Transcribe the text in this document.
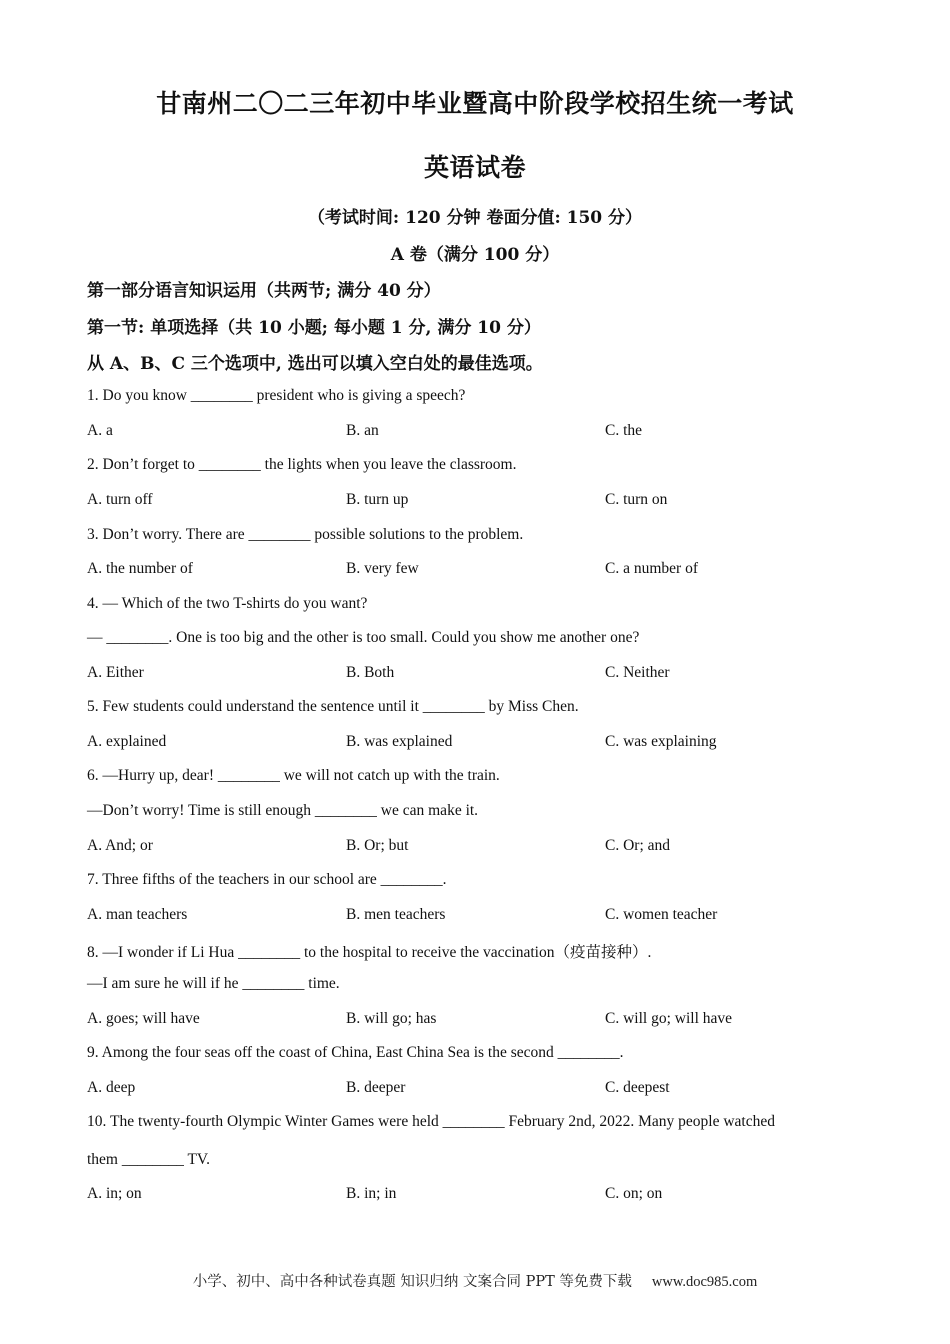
甘南州二〇二三年初中毕业暨高中阶段学校招生统一考试
英语试卷
（考试时间: 120 分钟 卷面分值: 150 分）
A 卷（满分 100 分）
第一部分语言知识运用（共两节; 满分 40 分）
第一节: 单项选择（共 10 小题; 每小题 1 分, 满分 10 分）
从 A、B、C 三个选项中, 选出可以填入空白处的最佳选项。
1. Do you know ________ president who is giving a speech?
A. a	B. an	C. the
2. Don’t forget to ________ the lights when you leave the classroom.
A. turn off	B. turn up	C. turn on
3. Don’t worry. There are ________ possible solutions to the problem.
A. the number of	B. very few	C. a number of
4. — Which of the two T-shirts do you want?
— ________. One is too big and the other is too small. Could you show me another one?
A. Either	B. Both	C. Neither
5. Few students could understand the sentence until it ________ by Miss Chen.
A. explained	B. was explained	C. was explaining
6. —Hurry up, dear! ________ we will not catch up with the train.
—Don’t worry! Time is still enough ________ we can make it.
A. And; or	B. Or; but	C. Or; and
7. Three fifths of the teachers in our school are ________.
A. man teachers	B. men teachers	C. women teacher
8. —I wonder if Li Hua ________ to the hospital to receive the vaccination（疫苗接种）.
—I am sure he will if he ________ time.
A. goes; will have	B. will go; has	C. will go; will have
9. Among the four seas off the coast of China, East China Sea is the second ________.
A. deep	B. deeper	C. deepest
10. The twenty-fourth Olympic Winter Games were held ________ February 2nd, 2022. Many people watched
them ________ TV.
A. in; on	B. in; in	C. on; on
小学、初中、高中各种试卷真题 知识归纳 文案合同 PPT 等免费下载 www.doc985.com
